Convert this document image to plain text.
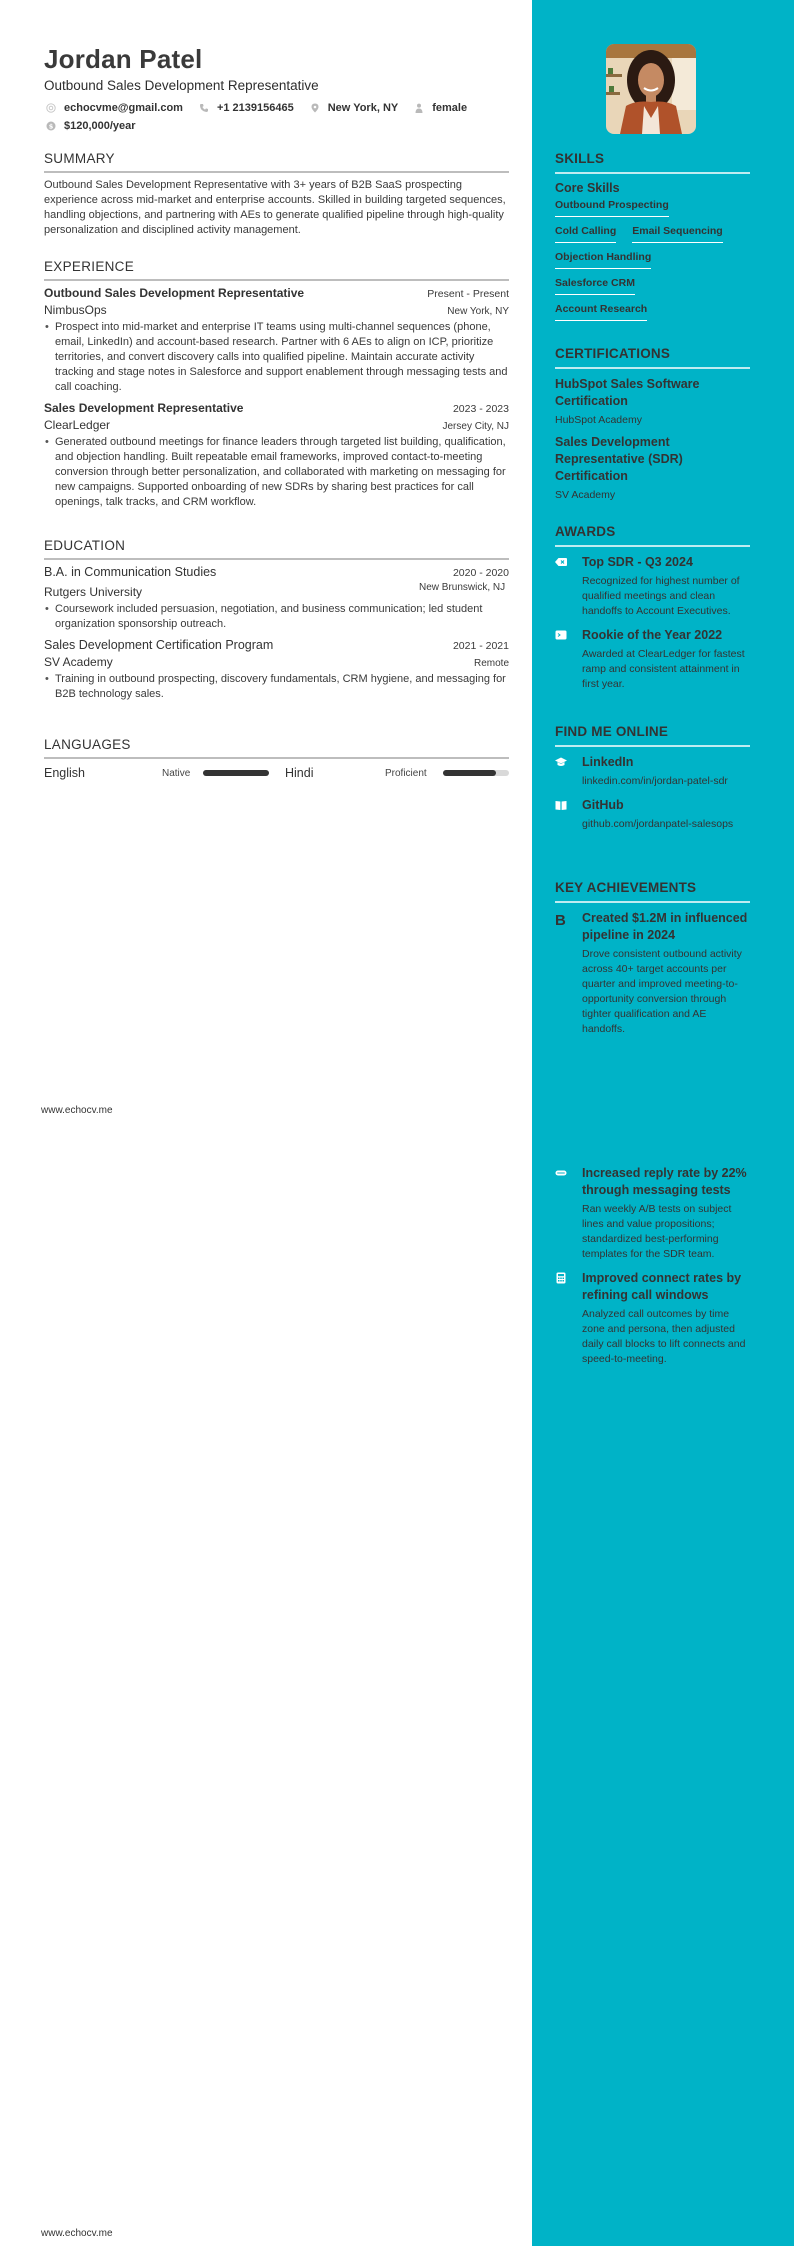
Jordan Patel
Outbound Sales Development Representative
echocvme@gmail.com	+1 2139156465	New York, NY	female
$ $120,000/year
SUMMARY
Outbound Sales Development Representative with 3+ years of B2B SaaS prospecting experience across mid-market and enterprise accounts. Skilled in building targeted sequences, handling objections, and partnering with AEs to generate qualified pipeline through high-quality personalization and disciplined activity management.
EXPERIENCE
Outbound Sales Development Representative	Present - Present
NimbusOps	New York, NY
• Prospect into mid-market and enterprise IT teams using multi-channel sequences (phone, email, LinkedIn) and account-based research. Partner with 6 AEs to align on ICP, prioritize territories, and convert discovery calls into qualified pipeline. Maintain accurate activity tracking and stage notes in Salesforce and support enablement through messaging tests and call coaching.
Sales Development Representative	2023 - 2023
ClearLedger	Jersey City, NJ
• Generated outbound meetings for finance leaders through targeted list building, qualification, and objection handling. Built repeatable email frameworks, improved contact-to-meeting conversion through better personalization, and collaborated with marketing on messaging for new campaigns. Supported onboarding of new SDRs by sharing best practices for call openings, talk tracks, and CRM workflow.
EDUCATION
B.A. in Communication Studies	2020 - 2020
Rutgers University	New Brunswick, NJ
• Coursework included persuasion, negotiation, and business communication; led student organization sponsorship outreach.
Sales Development Certification Program	2021 - 2021
SV Academy	Remote
• Training in outbound prospecting, discovery fundamentals, CRM hygiene, and messaging for B2B technology sales.
LANGUAGES
English	Native	Hindi	Proficient
www.echocv.me
www.echocv.me
SKILLS
Core Skills
Outbound Prospecting
Cold Calling Email Sequencing
Objection Handling
Salesforce CRM
Account Research
CERTIFICATIONS
HubSpot Sales Software Certification
HubSpot Academy
Sales Development Representative (SDR) Certification
SV Academy
AWARDS
Top SDR - Q3 2024
Recognized for highest number of qualified meetings and clean handoffs to Account Executives.
Rookie of the Year 2022
Awarded at ClearLedger for fastest ramp and consistent attainment in first year.
FIND ME ONLINE
LinkedIn
linkedin.com/in/jordan-patel-sdr
GitHub
github.com/jordanpatel-salesops
KEY ACHIEVEMENTS
B	Created $1.2M in influenced pipeline in 2024
Drove consistent outbound activity across 40+ target accounts per quarter and improved meeting-to-opportunity conversion through tighter qualification and AE handoffs.
Increased reply rate by 22% through messaging tests
Ran weekly A/B tests on subject lines and value propositions; standardized best-performing templates for the SDR team.
Improved connect rates by refining call windows
Analyzed call outcomes by time zone and persona, then adjusted daily call blocks to lift connects and speed-to-meeting.
